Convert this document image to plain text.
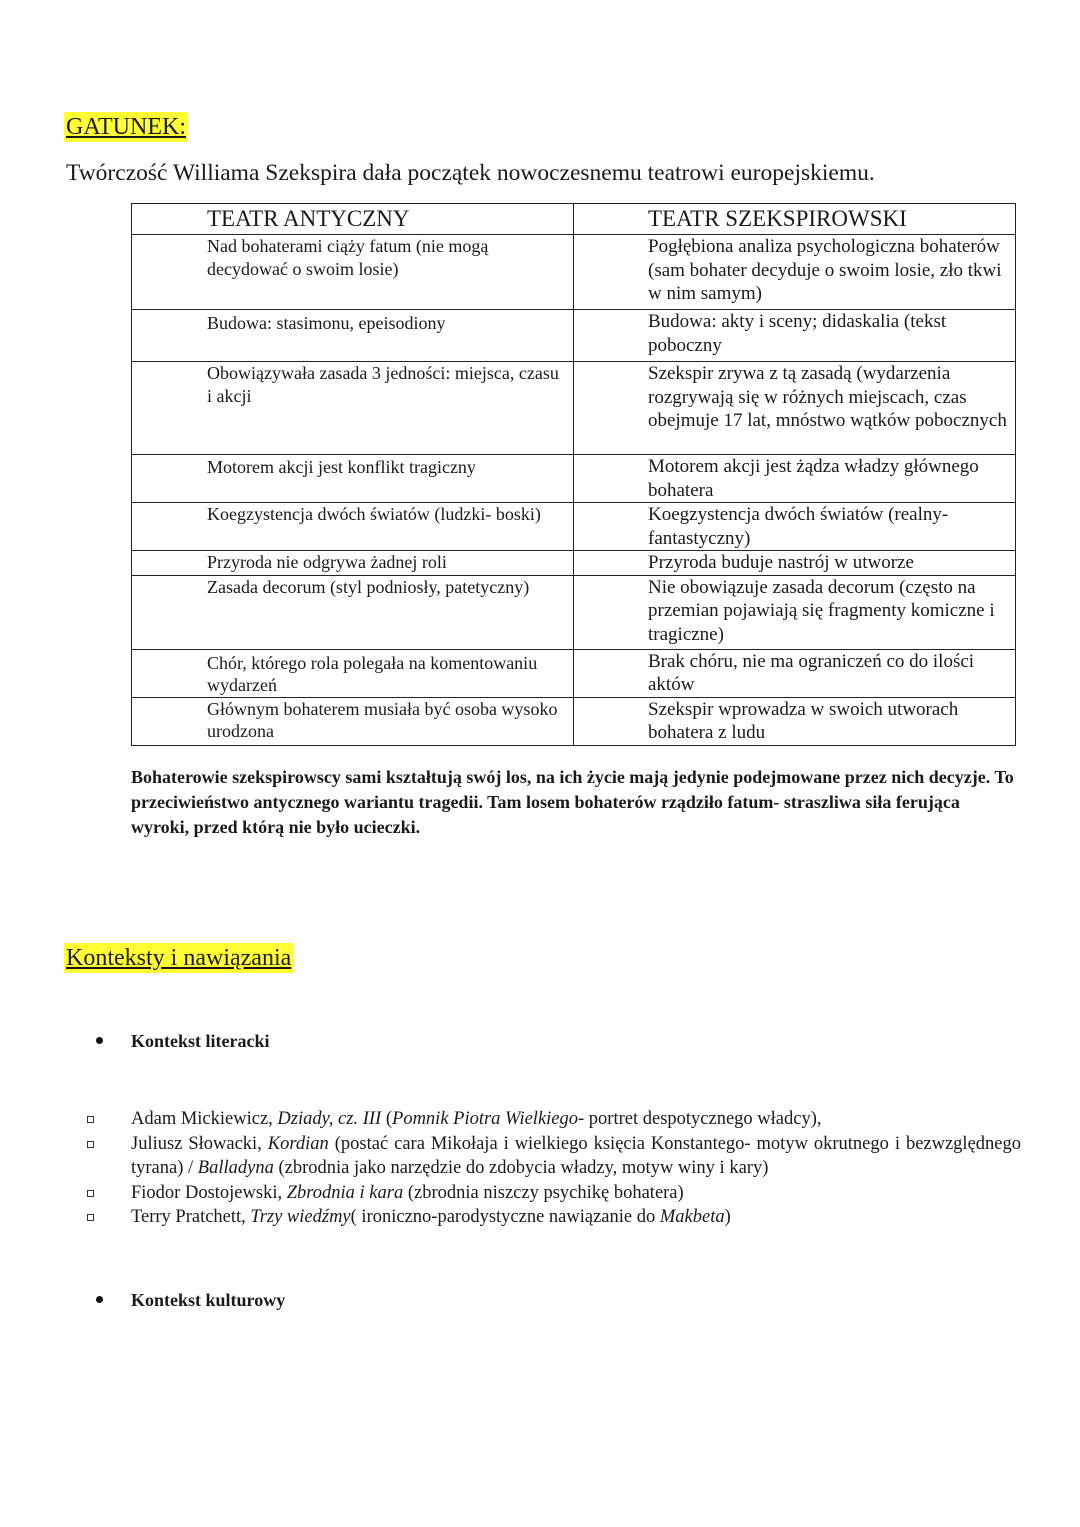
GATUNEK:
Twórczość Williama Szekspira dała początek nowoczesnemu teatrowi europejskiemu.
TEATR ANTYCZNY	TEATR SZEKSPIROWSKI
Nad bohaterami ciąży fatum (nie mogą decydować o swoim losie)	Pogłębiona analiza psychologiczna bohaterów (sam bohater decyduje o swoim losie, zło tkwi w nim samym)
Budowa: stasimonu, epeisodiony	Budowa: akty i sceny; didaskalia (tekst poboczny
Obowiązywała zasada 3 jedności: miejsca, czasu i akcji	Szekspir zrywa z tą zasadą (wydarzenia rozgrywają się w różnych miejscach, czas obejmuje 17 lat, mnóstwo wątków pobocznych
Motorem akcji jest konflikt tragiczny	Motorem akcji jest żądza władzy głównego bohatera
Koegzystencja dwóch światów (ludzki- boski)	Koegzystencja dwóch światów (realny- fantastyczny)
Przyroda nie odgrywa żadnej roli	Przyroda buduje nastrój w utworze
Zasada decorum (styl podniosły, patetyczny)	Nie obowiązuje zasada decorum (często na przemian pojawiają się fragmenty komiczne i tragiczne)
Chór, którego rola polegała na komentowaniu wydarzeń	Brak chóru, nie ma ograniczeń co do ilości aktów
Głównym bohaterem musiała być osoba wysoko urodzona	Szekspir wprowadza w swoich utworach bohatera z ludu
Bohaterowie szekspirowscy sami kształtują swój los, na ich życie mają jedynie podejmowane przez nich decyzje. To przeciwieństwo antycznego wariantu tragedii. Tam losem bohaterów rządziło fatum- straszliwa siła ferująca wyroki, przed którą nie było ucieczki.
Konteksty i nawiązania
Kontekst literacki
Adam Mickiewicz, Dziady, cz. III (Pomnik Piotra Wielkiego- portret despotycznego władcy),
Juliusz Słowacki, Kordian (postać cara Mikołaja i wielkiego księcia Konstantego- motyw okrutnego i bezwzględnego tyrana) / Balladyna (zbrodnia jako narzędzie do zdobycia władzy, motyw winy i kary)
Fiodor Dostojewski, Zbrodnia i kara (zbrodnia niszczy psychikę bohatera)
Terry Pratchett, Trzy wiedźmy( ironiczno-parodystyczne nawiązanie do Makbeta)
Kontekst kulturowy
